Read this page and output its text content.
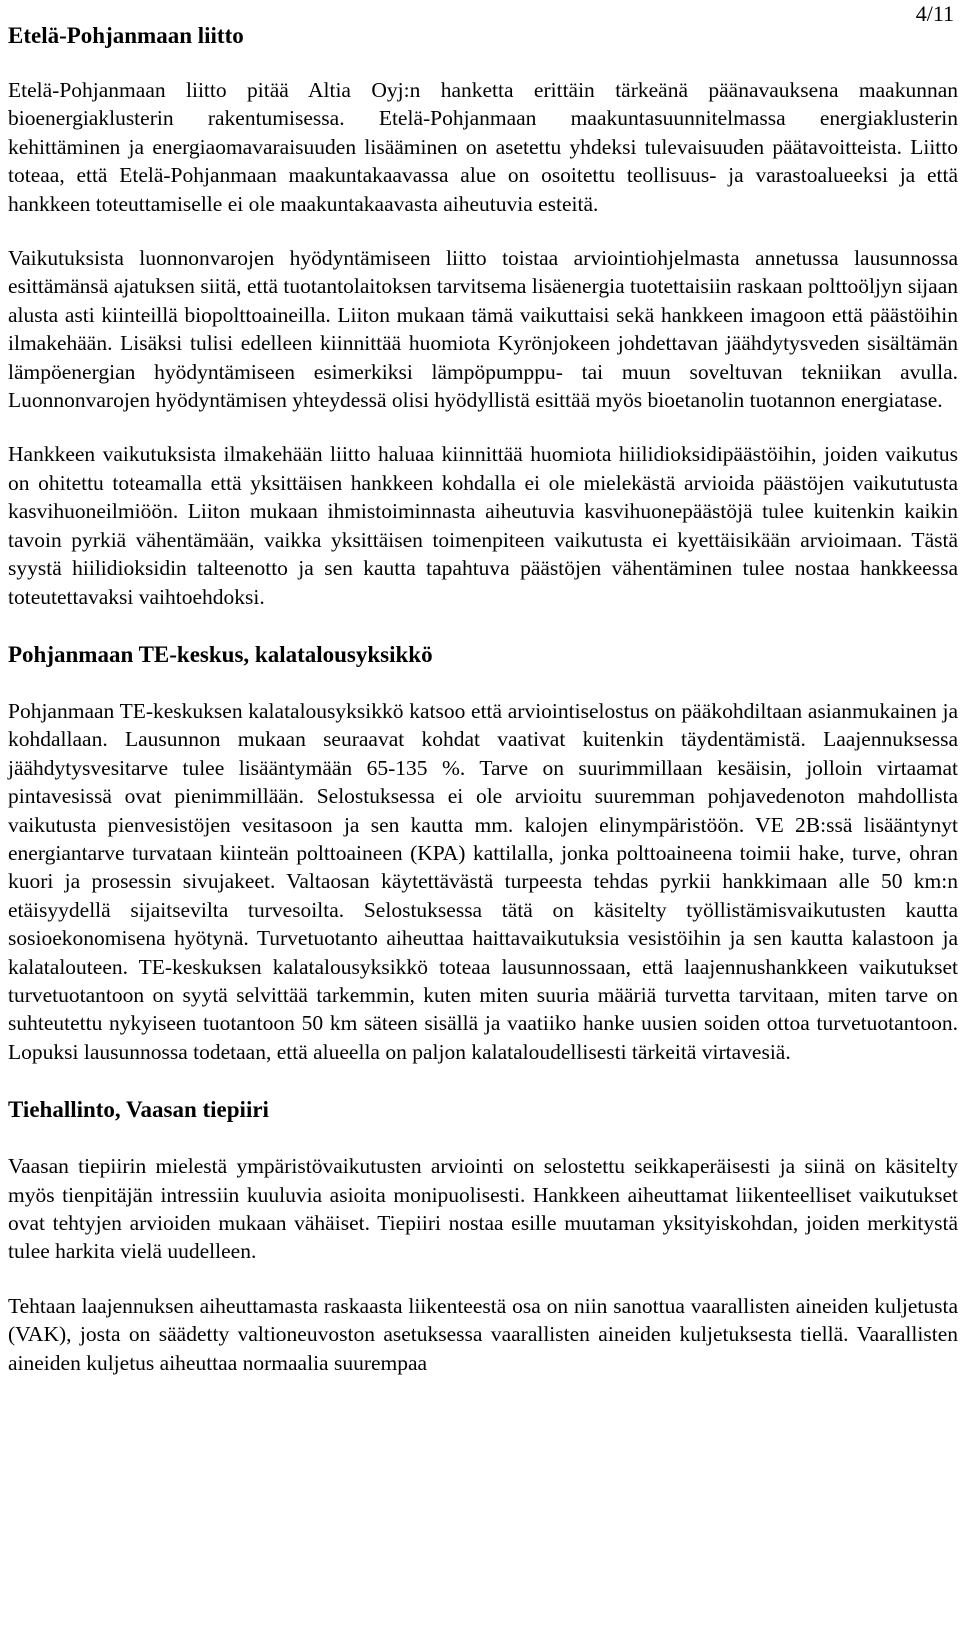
4/11
Etelä-Pohjanmaan liitto

Etelä-Pohjanmaan liitto pitää Altia Oyj:n hanketta erittäin tärkeänä päänavauksena maakunnan bioenergiaklusterin rakentumisessa. Etelä-Pohjanmaan maakuntasuunnitelmassa energiaklusterin kehittäminen ja energiaomavaraisuuden lisääminen on asetettu yhdeksi tulevaisuuden päätavoitteista. Liitto toteaa, että Etelä-Pohjanmaan maakuntakaavassa alue on osoitettu teollisuus- ja varastoalueeksi ja että hankkeen toteuttamiselle ei ole maakuntakaavasta aiheutuvia esteitä.

Vaikutuksista luonnonvarojen hyödyntämiseen liitto toistaa arviointiohjelmasta annetussa lausunnossa esittämänsä ajatuksen siitä, että tuotantolaitoksen tarvitsema lisäenergia tuotettaisiin raskaan polttoöljyn sijaan alusta asti kiinteillä biopolttoaineilla. Liiton mukaan tämä vaikuttaisi sekä hankkeen imagoon että päästöihin ilmakehään. Lisäksi tulisi edelleen kiinnittää huomiota Kyrönjokeen johdettavan jäähdytysveden sisältämän lämpöenergian hyödyntämiseen esimerkiksi lämpöpumppu- tai muun soveltuvan tekniikan avulla. Luonnonvarojen hyödyntämisen yhteydessä olisi hyödyllistä esittää myös bioetanolin tuotannon energiatase.

Hankkeen vaikutuksista ilmakehään liitto haluaa kiinnittää huomiota hiilidioksidipäästöihin, joiden vaikutus on ohitettu toteamalla että yksittäisen hankkeen kohdalla ei ole mielekästä arvioida päästöjen vaikututusta kasvihuoneilmiöön. Liiton mukaan ihmistoiminnasta aiheutuvia kasvihuonepäästöjä tulee kuitenkin kaikin tavoin pyrkiä vähentämään, vaikka yksittäisen toimenpiteen vaikutusta ei kyettäisikään arvioimaan. Tästä syystä hiilidioksidin talteenotto ja sen kautta tapahtuva päästöjen vähentäminen tulee nostaa hankkeessa toteutettavaksi vaihtoehdoksi.

Pohjanmaan TE-keskus, kalatalousyksikkö

Pohjanmaan TE-keskuksen kalatalousyksikkö katsoo että arviointiselostus on pääkohdiltaan asianmukainen ja kohdallaan. Lausunnon mukaan seuraavat kohdat vaativat kuitenkin täydentämistä. Laajennuksessa jäähdytysvesitarve tulee lisääntymään 65-135 %. Tarve on suurimmillaan kesäisin, jolloin virtaamat pintavesissä ovat pienimmillään. Selostuksessa ei ole arvioitu suuremman pohjavedenoton mahdollista vaikutusta pienvesistöjen vesitasoon ja sen kautta mm. kalojen elinympäristöön. VE 2B:ssä lisääntynyt energiantarve turvataan kiinteän polttoaineen (KPA) kattilalla, jonka polttoaineena toimii hake, turve, ohran kuori ja prosessin sivujakeet. Valtaosan käytettävästä turpeesta tehdas pyrkii hankkimaan alle 50 km:n etäisyydellä sijaitsevilta turvesoilta. Selostuksessa tätä on käsitelty työllistämisvaikutusten kautta sosioekonomisena hyötynä. Turvetuotanto aiheuttaa haittavaikutuksia vesistöihin ja sen kautta kalastoon ja kalatalouteen. TE-keskuksen kalatalousyksikkö toteaa lausunnossaan, että laajennushankkeen vaikutukset turvetuotantoon on syytä selvittää tarkemmin, kuten miten suuria määriä turvetta tarvitaan, miten tarve on suhteutettu nykyiseen tuotantoon 50 km säteen sisällä ja vaatiiko hanke uusien soiden ottoa turvetuotantoon. Lopuksi lausunnossa todetaan, että alueella on paljon kalataloudellisesti tärkeitä virtavesiä.

Tiehallinto, Vaasan tiepiiri

Vaasan tiepiirin mielestä ympäristövaikutusten arviointi on selostettu seikkaperäisesti ja siinä on käsitelty myös tienpitäjän intressiin kuuluvia asioita monipuolisesti. Hankkeen aiheuttamat liikenteelliset vaikutukset ovat tehtyjen arvioiden mukaan vähäiset. Tiepiiri nostaa esille muutaman yksityiskohdan, joiden merkitystä tulee harkita vielä uudelleen.

Tehtaan laajennuksen aiheuttamasta raskaasta liikenteestä osa on niin sanottua vaarallisten aineiden kuljetusta (VAK), josta on säädetty valtioneuvoston asetuksessa vaarallisten aineiden kuljetuksesta tiellä. Vaarallisten aineiden kuljetus aiheuttaa normaalia suurempaa
